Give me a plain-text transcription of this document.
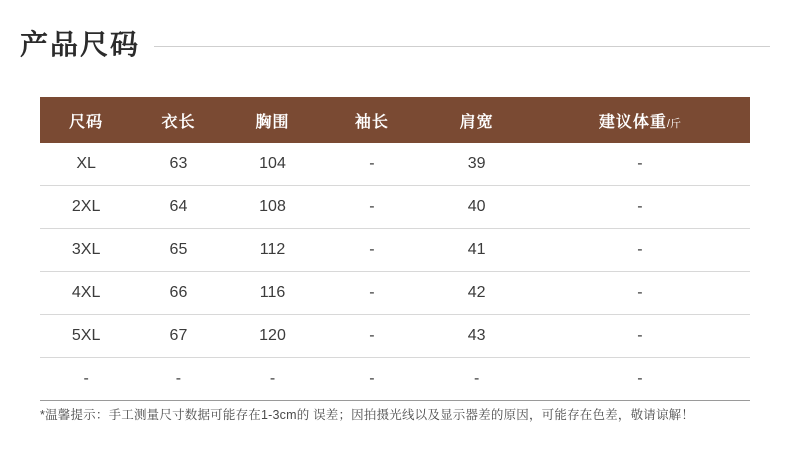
产品尺码
尺码	衣长	胸围	袖长	肩宽	建议体重/斤
XL	63	104	-	39	-
2XL	64	108	-	40	-
3XL	65	112	-	41	-
4XL	66	116	-	42	-
5XL	67	120	-	43	-
-	-	-	-	-	-
*温馨提示：手工测量尺寸数据可能存在1-3cm的 误差；因拍摄光线以及显示器差的原因，可能存在色差，敬请谅解！
